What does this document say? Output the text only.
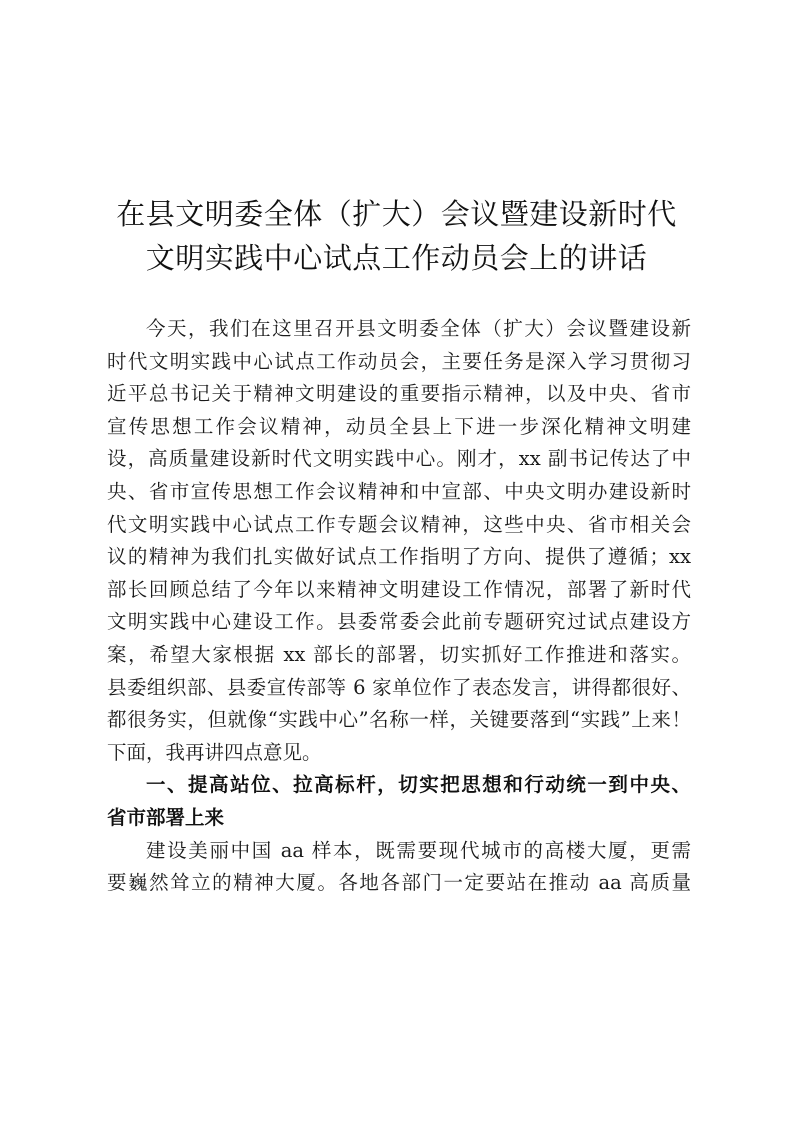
在县文明委全体（扩大）会议暨建设新时代
文明实践中心试点工作动员会上的讲话
今天，我们在这里召开县文明委全体（扩大）会议暨建设新
时代文明实践中心试点工作动员会，主要任务是深入学习贯彻习
近平总书记关于精神文明建设的重要指示精神，以及中央、省市
宣传思想工作会议精神，动员全县上下进一步深化精神文明建
设，高质量建设新时代文明实践中心。刚才，xx 副书记传达了中
央、省市宣传思想工作会议精神和中宣部、中央文明办建设新时
代文明实践中心试点工作专题会议精神，这些中央、省市相关会
议的精神为我们扎实做好试点工作指明了方向、提供了遵循；xx
部长回顾总结了今年以来精神文明建设工作情况，部署了新时代
文明实践中心建设工作。县委常委会此前专题研究过试点建设方
案，希望大家根据 xx 部长的部署，切实抓好工作推进和落实。
县委组织部、县委宣传部等 6 家单位作了表态发言，讲得都很好、
都很务实，但就像“实践中心”名称一样，关键要落到“实践”上来！
下面，我再讲四点意见。
一、提高站位、拉高标杆，切实把思想和行动统一到中央、
省市部署上来
建设美丽中国 aa 样本，既需要现代城市的高楼大厦，更需
要巍然耸立的精神大厦。各地各部门一定要站在推动 aa 高质量
